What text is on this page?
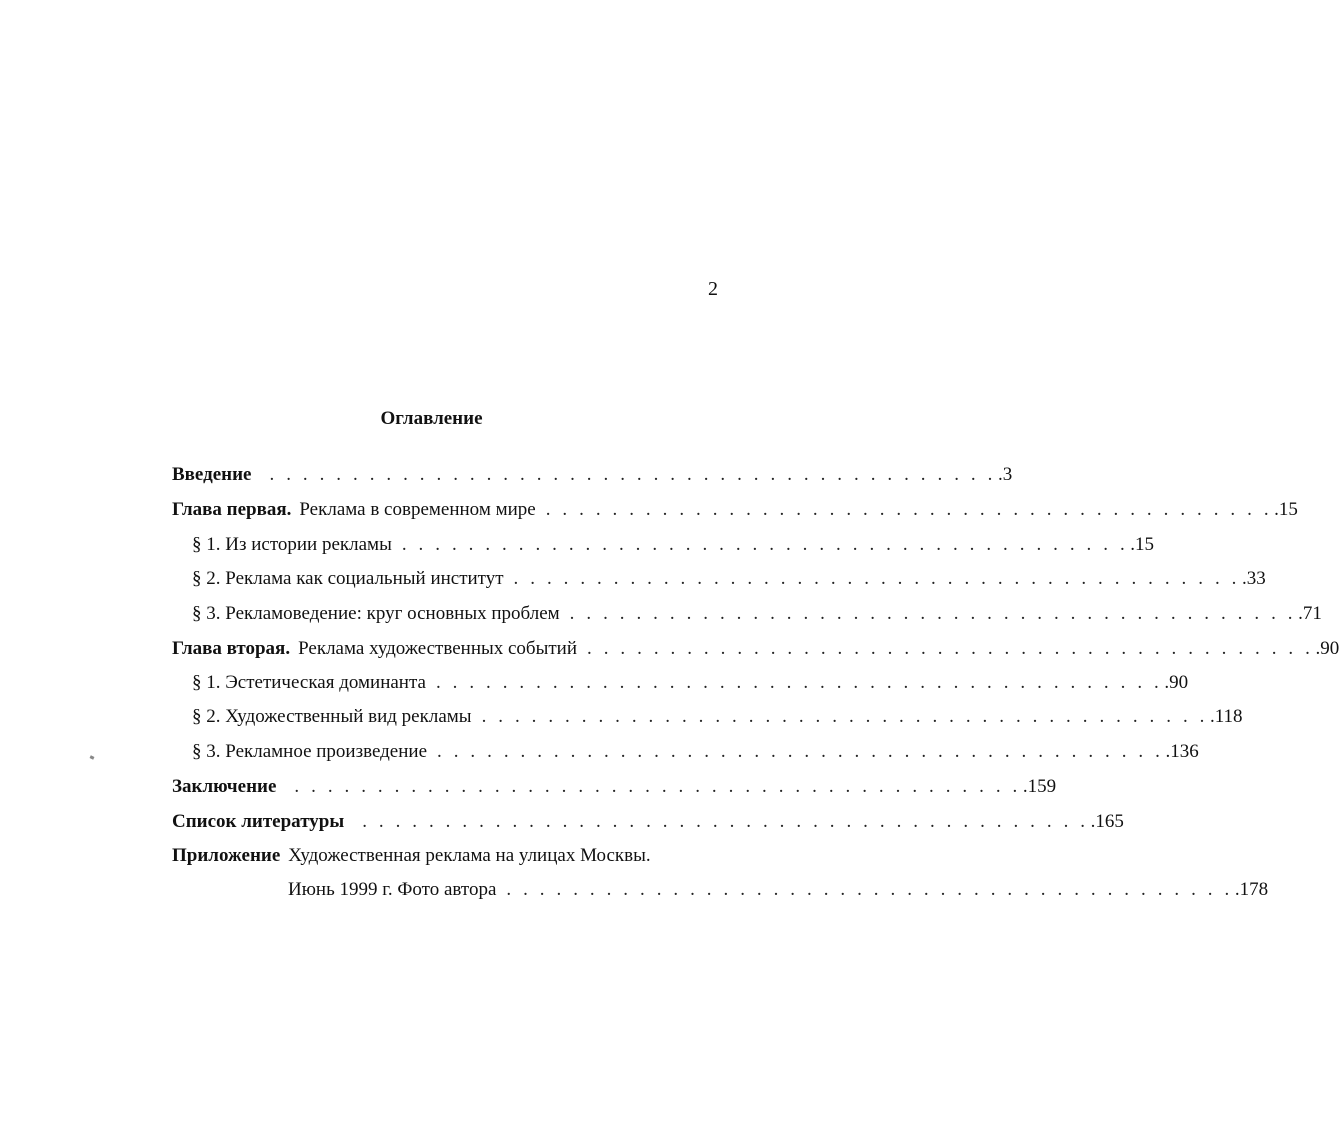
2
Оглавление
Введение . . . . . . . . . . . . . . . . . . . . . . . . . . . . . . . . . . . . . . . . . . . . .3
Глава первая. Реклама в современном мире . . . . . . . . . . . . . . . . . . . . . . . . . . . . . . . . . . . . . . . . . . . . .15
§ 1. Из истории рекламы . . . . . . . . . . . . . . . . . . . . . . . . . . . . . . . . . . . . . . . . . . . . .15
§ 2. Реклама как социальный институт . . . . . . . . . . . . . . . . . . . . . . . . . . . . . . . . . . . . . . . . . . . . .33
§ 3. Рекламоведение: круг основных проблем . . . . . . . . . . . . . . . . . . . . . . . . . . . . . . . . . . . . . . . . . . . . .71
Глава вторая. Реклама художественных событий . . . . . . . . . . . . . . . . . . . . . . . . . . . . . . . . . . . . . . . . . . . . .90
§ 1. Эстетическая доминанта . . . . . . . . . . . . . . . . . . . . . . . . . . . . . . . . . . . . . . . . . . . . .90
§ 2. Художественный вид рекламы . . . . . . . . . . . . . . . . . . . . . . . . . . . . . . . . . . . . . . . . . . . . .118
§ 3. Рекламное произведение . . . . . . . . . . . . . . . . . . . . . . . . . . . . . . . . . . . . . . . . . . . . .136
Заключение . . . . . . . . . . . . . . . . . . . . . . . . . . . . . . . . . . . . . . . . . . . . .159
Список литературы . . . . . . . . . . . . . . . . . . . . . . . . . . . . . . . . . . . . . . . . . . . . .165
Приложение Художественная реклама на улицах Москвы.
Июнь 1999 г. Фото автора . . . . . . . . . . . . . . . . . . . . . . . . . . . . . . . . . . . . . . . . . . . . .178
